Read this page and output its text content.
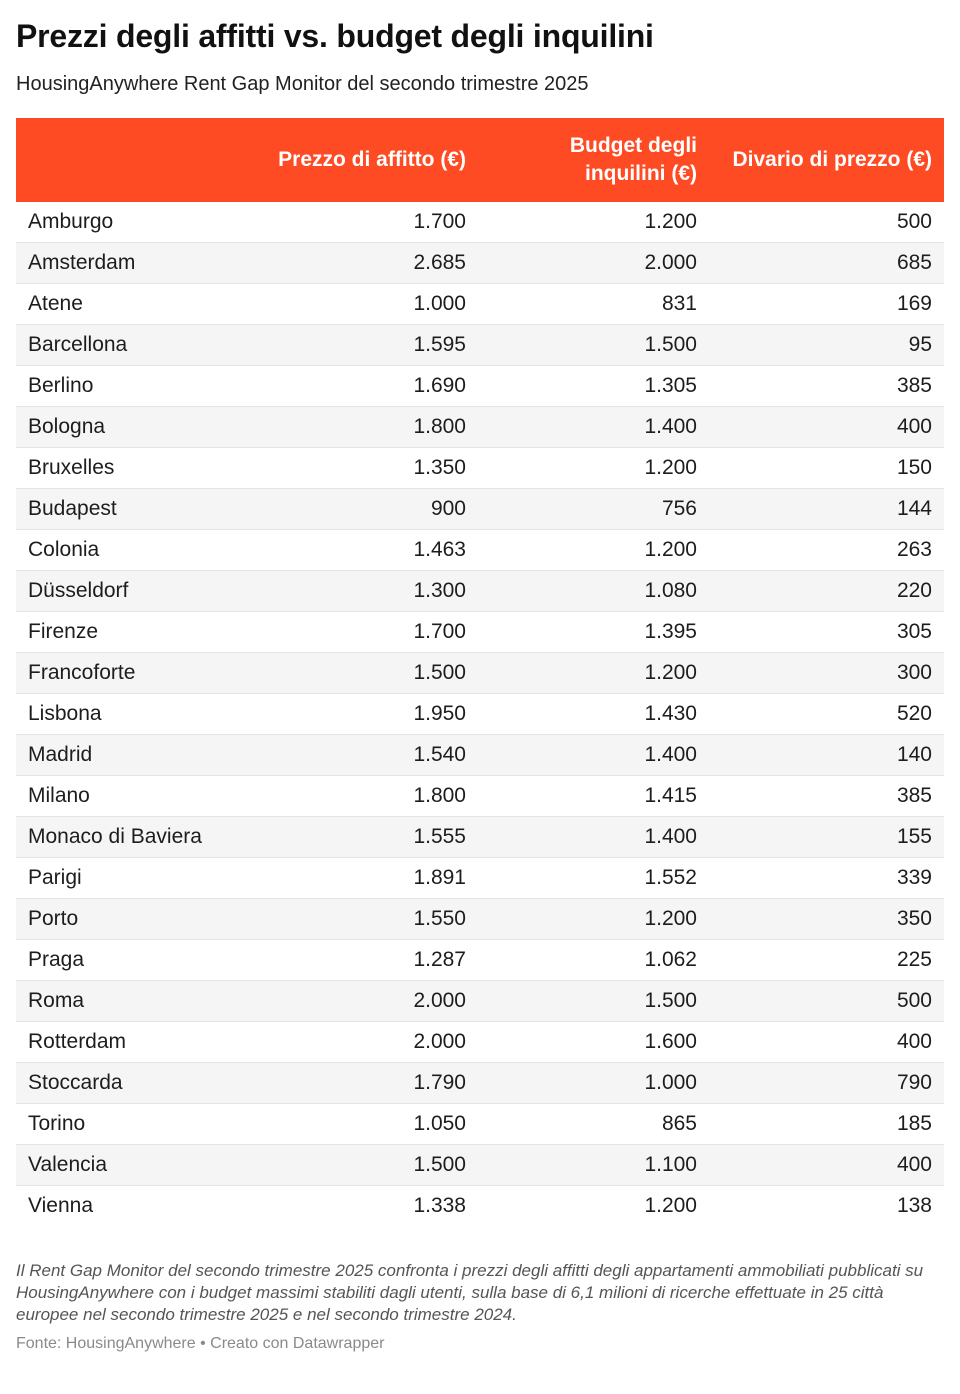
Prezzi degli affitti vs. budget degli inquilini
HousingAnywhere Rent Gap Monitor del secondo trimestre 2025
	Prezzo di affitto (€)	Budget degli inquilini (€)	Divario di prezzo (€)
Amburgo	1.700	1.200	500
Amsterdam	2.685	2.000	685
Atene	1.000	831	169
Barcellona	1.595	1.500	95
Berlino	1.690	1.305	385
Bologna	1.800	1.400	400
Bruxelles	1.350	1.200	150
Budapest	900	756	144
Colonia	1.463	1.200	263
Düsseldorf	1.300	1.080	220
Firenze	1.700	1.395	305
Francoforte	1.500	1.200	300
Lisbona	1.950	1.430	520
Madrid	1.540	1.400	140
Milano	1.800	1.415	385
Monaco di Baviera	1.555	1.400	155
Parigi	1.891	1.552	339
Porto	1.550	1.200	350
Praga	1.287	1.062	225
Roma	2.000	1.500	500
Rotterdam	2.000	1.600	400
Stoccarda	1.790	1.000	790
Torino	1.050	865	185
Valencia	1.500	1.100	400
Vienna	1.338	1.200	138
Il Rent Gap Monitor del secondo trimestre 2025 confronta i prezzi degli affitti degli appartamenti ammobiliati pubblicati su HousingAnywhere con i budget massimi stabiliti dagli utenti, sulla base di 6,1 milioni di ricerche effettuate in 25 città europee nel secondo trimestre 2025 e nel secondo trimestre 2024.
Fonte: HousingAnywhere • Creato con Datawrapper
